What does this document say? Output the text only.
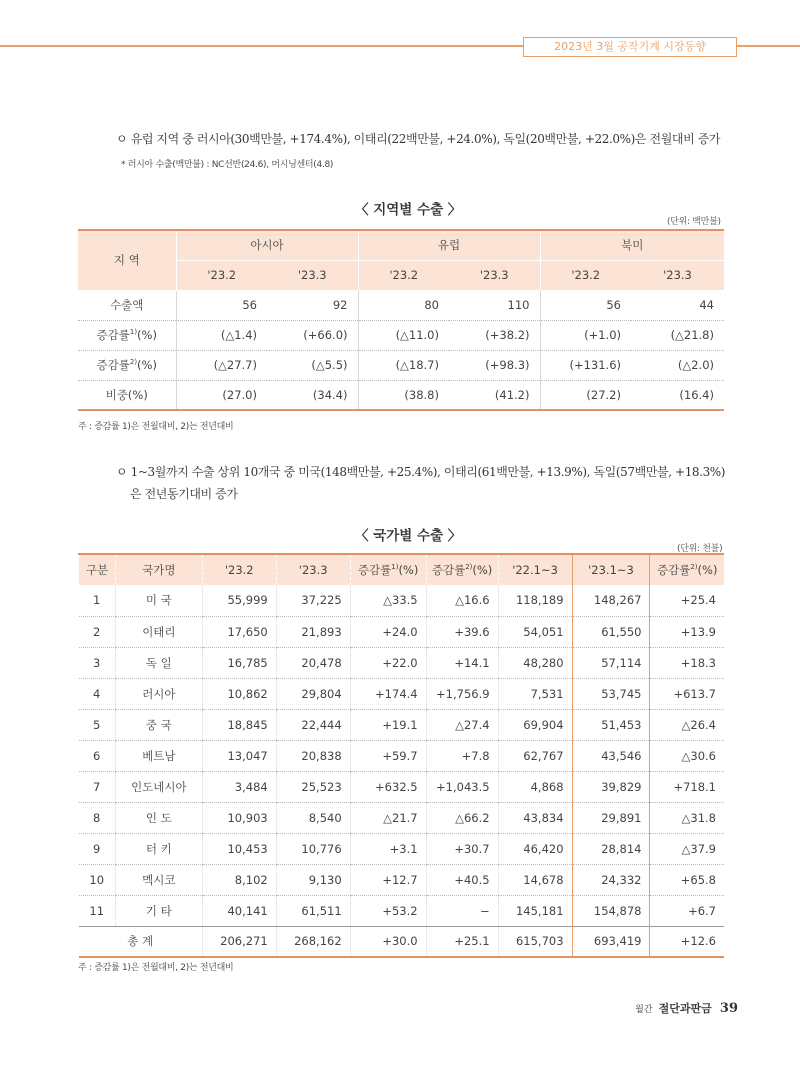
2023년 3월 공작기계 시장동향
ㅇ 유럽 지역 중 러시아(30백만불, +174.4%), 이태리(22백만불, +24.0%), 독일(20백만불, +22.0%)은 전월대비 증가
* 러시아 수출(백만불) : NC선반(24.6), 머시닝센터(4.8)
〈 지역별 수출 〉
(단위: 백만불)
지 역	아시아		유럽		북미	
	'23.2	'23.3	'23.2	'23.3	'23.2	'23.3
수출액	56	92	80	110	56	44
증감률$^{1)}$(%)	(△1.4)	(+66.0)	(△11.0)	(+38.2)	(+1.0)	(△21.8)
증감률$^{2)}$(%)	(△27.7)	(△5.5)	(△18.7)	(+98.3)	(+131.6)	(△2.0)
비중(%)	(27.0)	(34.4)	(38.8)	(41.2)	(27.2)	(16.4)
주 : 증감률 1)은 전월대비, 2)는 전년대비
ㅇ 1~3월까지 수출 상위 10개국 중 미국(148백만불, +25.4%), 이태리(61백만불, +13.9%), 독일(57백만불, +18.3%)
은 전년동기대비 증가
〈 국가별 수출 〉
(단위: 천불)
구분	국가명	'23.2	'23.3	증감률$^{1)}$(%)	증감률$^{2)}$(%)	'22.1~3	'23.1~3	증감률$^{2)}$(%)
1	미 국	55,999	37,225	△33.5	△16.6	118,189	148,267	+25.4
2	이태리	17,650	21,893	+24.0	+39.6	54,051	61,550	+13.9
3	독 일	16,785	20,478	+22.0	+14.1	48,280	57,114	+18.3
4	러시아	10,862	29,804	+174.4	+1,756.9	7,531	53,745	+613.7
5	중 국	18,845	22,444	+19.1	△27.4	69,904	51,453	△26.4
6	베트남	13,047	20,838	+59.7	+7.8	62,767	43,546	△30.6
7	인도네시아	3,484	25,523	+632.5	+1,043.5	4,868	39,829	+718.1
8	인 도	10,903	8,540	△21.7	△66.2	43,834	29,891	△31.8
9	터 키	10,453	10,776	+3.1	+30.7	46,420	28,814	△37.9
10	멕시코	8,102	9,130	+12.7	+40.5	14,678	24,332	+65.8
11	기 타	40,141	61,511	+53.2	−	145,181	154,878	+6.7
총 계		206,271	268,162	+30.0	+25.1	615,703	693,419	+12.6
주 : 증감률 1)은 전월대비, 2)는 전년대비
월간 절단과판금 39
